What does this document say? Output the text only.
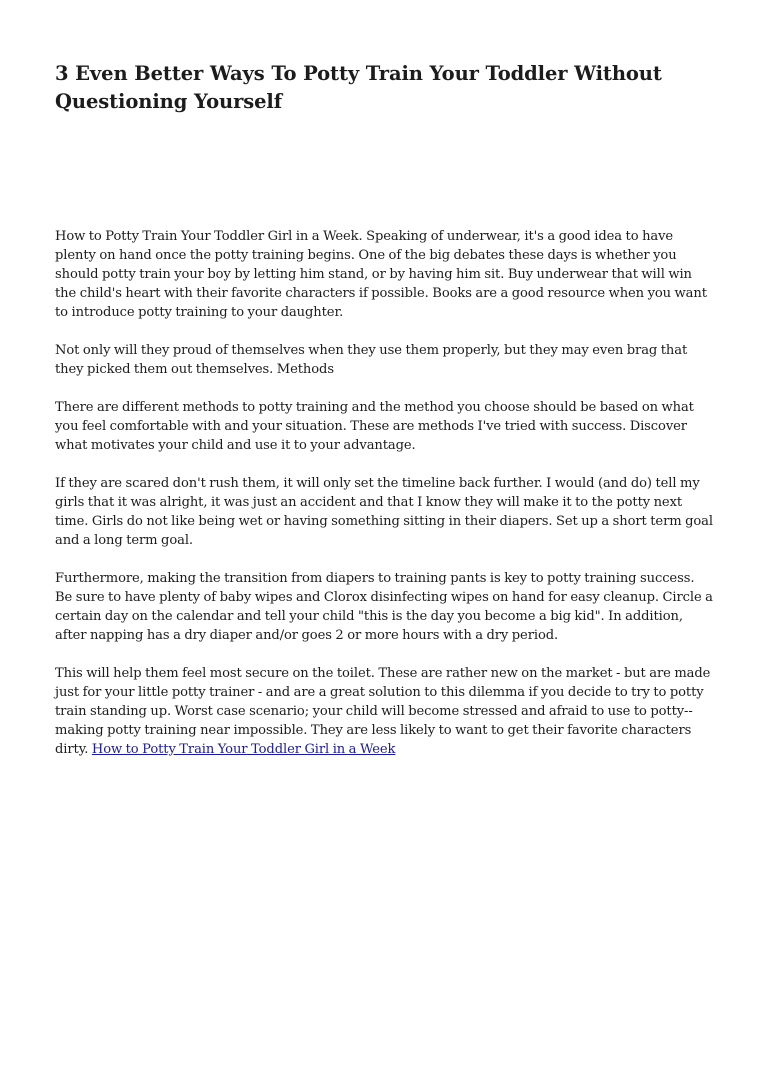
3 Even Better Ways To Potty Train Your Toddler Without Questioning Yourself

How to Potty Train Your Toddler Girl in a Week. Speaking of underwear, it's a good idea to have plenty on hand once the potty training begins. One of the big debates these days is whether you should potty train your boy by letting him stand, or by having him sit. Buy underwear that will win the child's heart with their favorite characters if possible. Books are a good resource when you want to introduce potty training to your daughter.

Not only will they proud of themselves when they use them properly, but they may even brag that they picked them out themselves. Methods

There are different methods to potty training and the method you choose should be based on what you feel comfortable with and your situation. These are methods I've tried with success. Discover what motivates your child and use it to your advantage.

If they are scared don't rush them, it will only set the timeline back further. I would (and do) tell my girls that it was alright, it was just an accident and that I know they will make it to the potty next time. Girls do not like being wet or having something sitting in their diapers. Set up a short term goal and a long term goal.

Furthermore, making the transition from diapers to training pants is key to potty training success. Be sure to have plenty of baby wipes and Clorox disinfecting wipes on hand for easy cleanup. Circle a certain day on the calendar and tell your child "this is the day you become a big kid". In addition, after napping has a dry diaper and/or goes 2 or more hours with a dry period.

This will help them feel most secure on the toilet. These are rather new on the market - but are made just for your little potty trainer - and are a great solution to this dilemma if you decide to try to potty train standing up. Worst case scenario; your child will become stressed and afraid to use to potty-- making potty training near impossible. They are less likely to want to get their favorite characters dirty. How to Potty Train Your Toddler Girl in a Week
